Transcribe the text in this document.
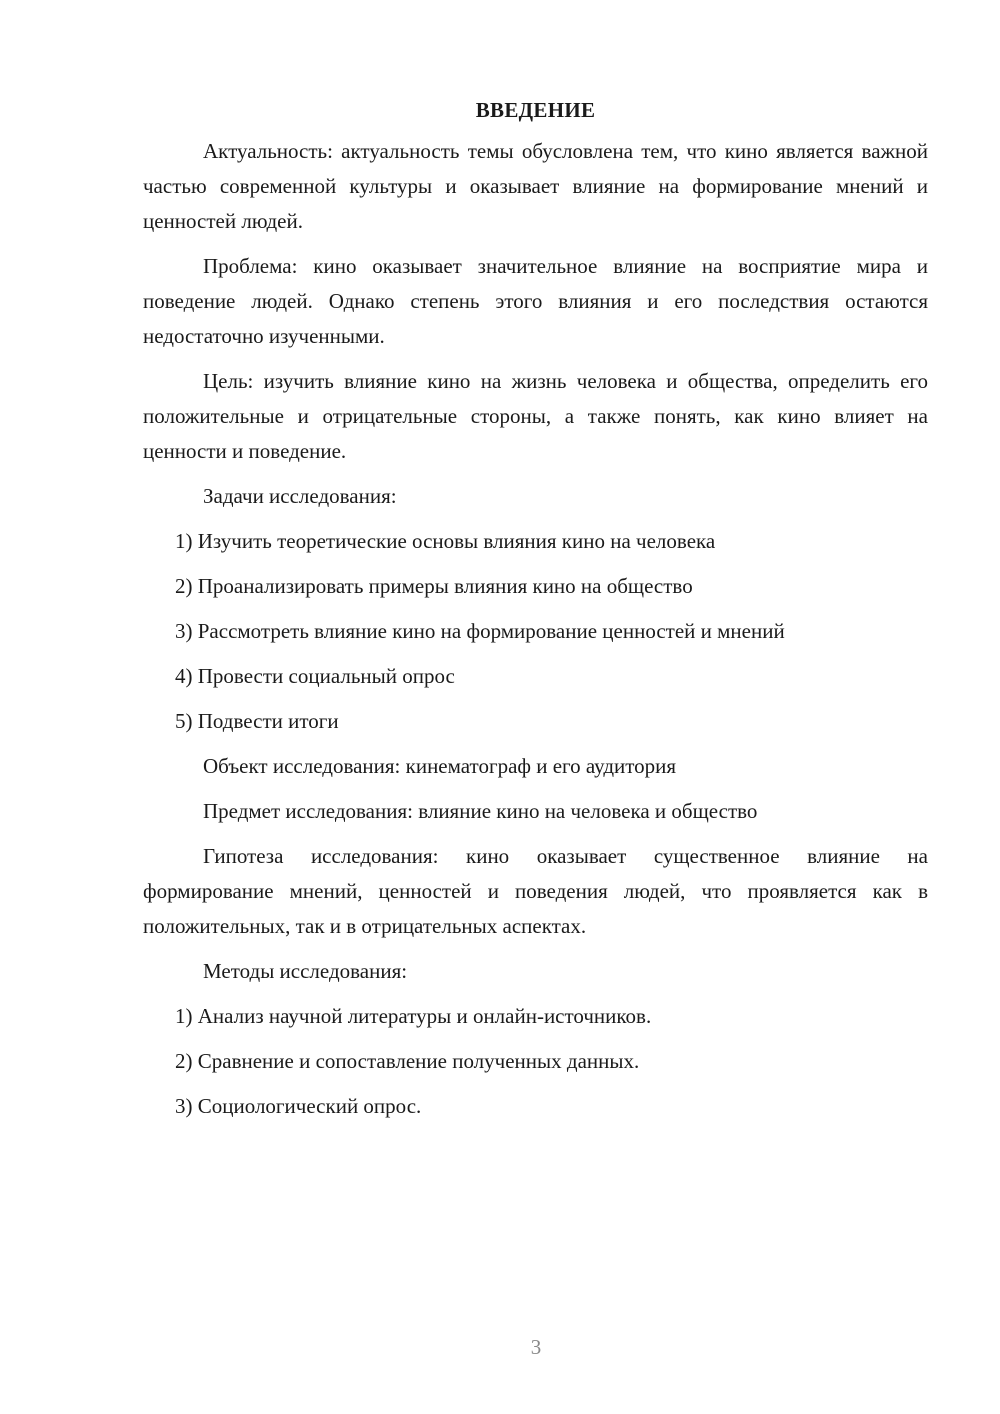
ВВЕДЕНИЕ

Актуальность: актуальность темы обусловлена тем, что кино является важной частью современной культуры и оказывает влияние на формирование мнений и ценностей людей.

Проблема: кино оказывает значительное влияние на восприятие мира и поведение людей. Однако степень этого влияния и его последствия остаются недостаточно изученными.

Цель: изучить влияние кино на жизнь человека и общества, определить его положительные и отрицательные стороны, а также понять, как кино влияет на ценности и поведение.

Задачи исследования:

1) Изучить теоретические основы влияния кино на человека
2) Проанализировать примеры влияния кино на общество
3) Рассмотреть влияние кино на формирование ценностей и мнений
4) Провести социальный опрос
5) Подвести итоги

Объект исследования: кинематограф и его аудитория

Предмет исследования: влияние кино на человека и общество

Гипотеза исследования: кино оказывает существенное влияние на формирование мнений, ценностей и поведения людей, что проявляется как в положительных, так и в отрицательных аспектах.

Методы исследования:

1) Анализ научной литературы и онлайн-источников.
2) Сравнение и сопоставление полученных данных.
3) Социологический опрос.
3
